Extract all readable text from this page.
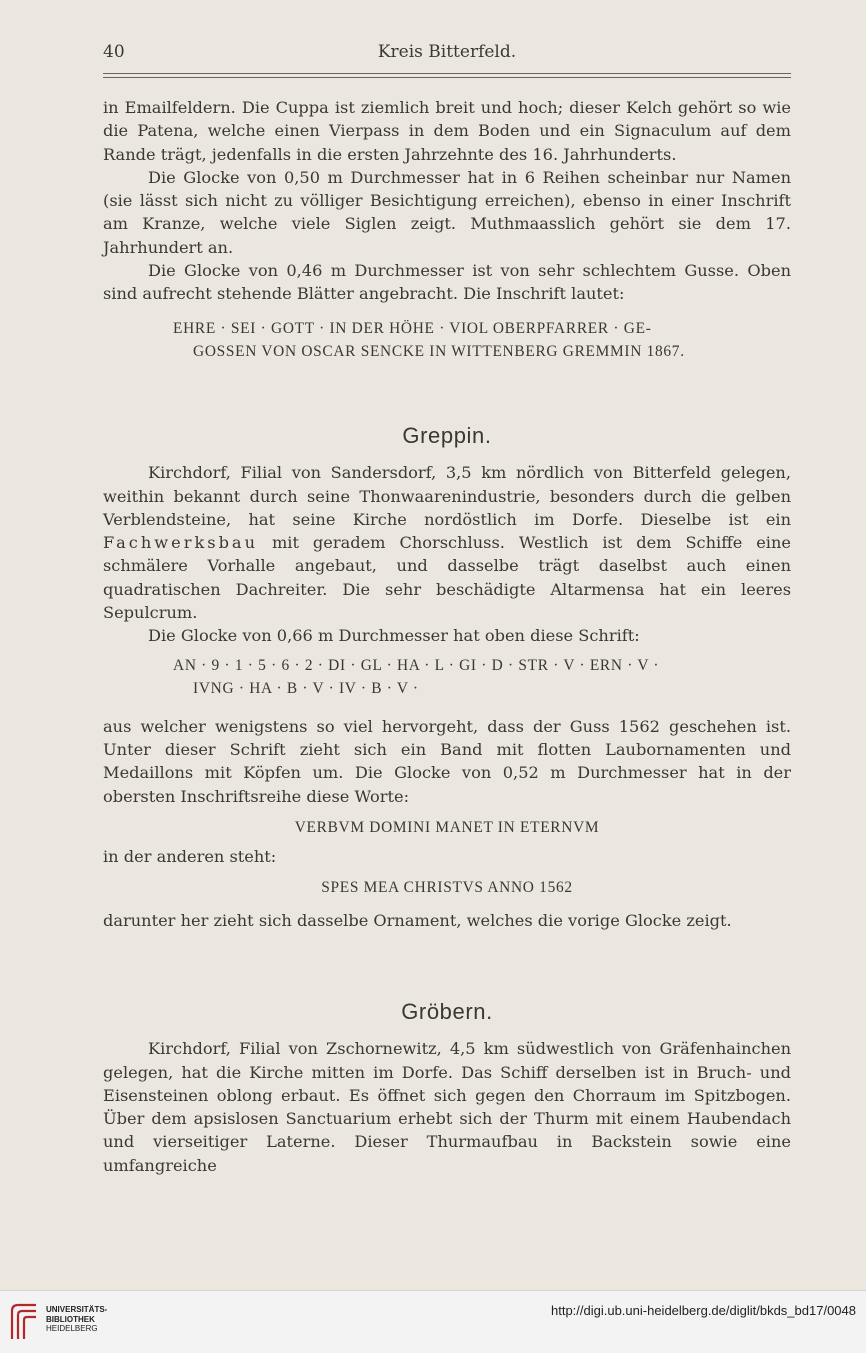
40	Kreis Bitterfeld.

in Emailfeldern. Die Cuppa ist ziemlich breit und hoch; dieser Kelch gehört so wie die Patena, welche einen Vierpass in dem Boden und ein Signaculum auf dem Rande trägt, jedenfalls in die ersten Jahrzehnte des 16. Jahrhunderts.

Die Glocke von 0,50 m Durchmesser hat in 6 Reihen scheinbar nur Namen (sie lässt sich nicht zu völliger Besichtigung erreichen), ebenso in einer Inschrift am Kranze, welche viele Siglen zeigt. Muthmaasslich gehört sie dem 17. Jahrhundert an.

Die Glocke von 0,46 m Durchmesser ist von sehr schlechtem Gusse. Oben sind aufrecht stehende Blätter angebracht. Die Inschrift lautet:

EHRE · SEI · GOTT · IN DER HÖHE · VIOL OBERPFARRER · GE-
GOSSEN VON OSCAR SENCKE IN WITTENBERG GREMMIN 1867.
Greppin.

Kirchdorf, Filial von Sandersdorf, 3,5 km nördlich von Bitterfeld gelegen, weithin bekannt durch seine Thonwaarenindustrie, besonders durch die gelben Verblendsteine, hat seine Kirche nordöstlich im Dorfe. Dieselbe ist ein Fachwerksbau mit geradem Chorschluss. Westlich ist dem Schiffe eine schmälere Vorhalle angebaut, und dasselbe trägt daselbst auch einen quadratischen Dachreiter. Die sehr beschädigte Altarmensa hat ein leeres Sepulcrum.

Die Glocke von 0,66 m Durchmesser hat oben diese Schrift:

AN · 9 · 1 · 5 · 6 · 2 · DI · GL · HA · L · GI · D · STR · V · ERN · V ·
IVNG · HA · B · V · IV · B · V ·

aus welcher wenigstens so viel hervorgeht, dass der Guss 1562 geschehen ist. Unter dieser Schrift zieht sich ein Band mit flotten Laubornamenten und Medaillons mit Köpfen um. Die Glocke von 0,52 m Durchmesser hat in der obersten Inschriftsreihe diese Worte:

VERBVM DOMINI MANET IN ETERNVM

in der anderen steht:

SPES MEA CHRISTVS ANNO 1562

darunter her zieht sich dasselbe Ornament, welches die vorige Glocke zeigt.

Gröbern.

Kirchdorf, Filial von Zschornewitz, 4,5 km südwestlich von Gräfenhainchen gelegen, hat die Kirche mitten im Dorfe. Das Schiff derselben ist in Bruch- und Eisensteinen oblong erbaut. Es öffnet sich gegen den Chorraum im Spitzbogen. Über dem apsislosen Sanctuarium erhebt sich der Thurm mit einem Haubendach und vierseitiger Laterne. Dieser Thurmaufbau in Backstein sowie eine umfangreiche

UNIVERSITÄTS-
BIBLIOTHEK
HEIDELBERG
http://digi.ub.uni-heidelberg.de/diglit/bkds_bd17/0048
